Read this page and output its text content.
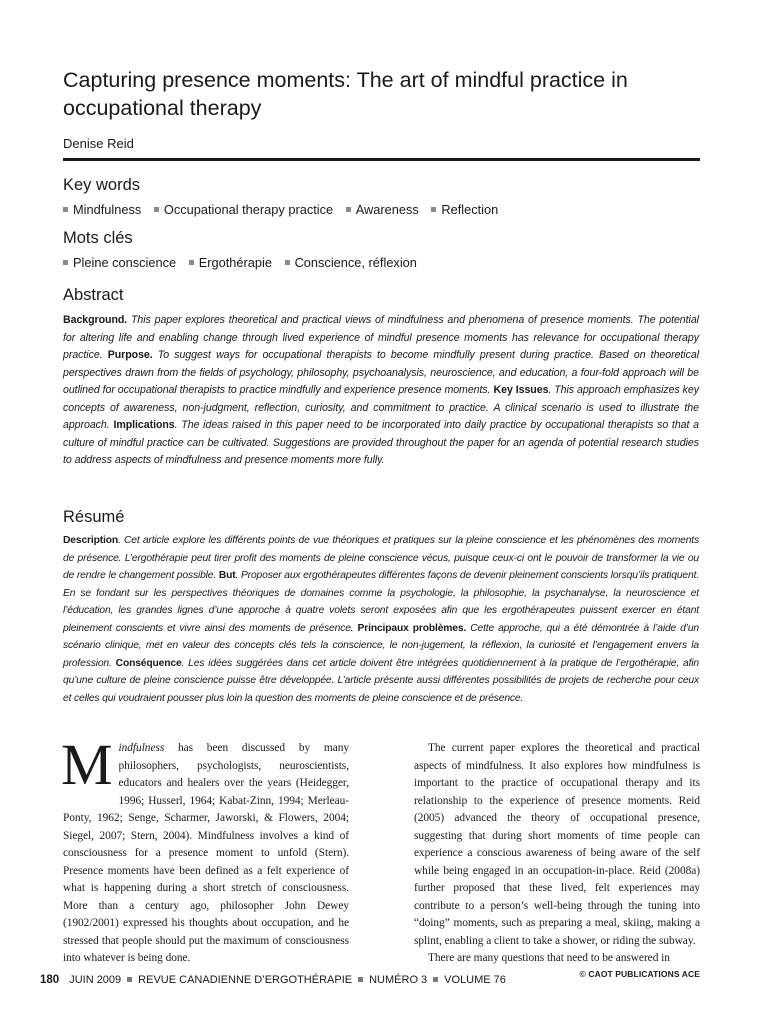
Capturing presence moments: The art of mindful practice in occupational therapy

Denise Reid

Key words
Mindfulness Occupational therapy practice Awareness Reflection
Mots clés
Pleine conscience Ergothérapie Conscience, réflexion
Abstract

Background. This paper explores theoretical and practical views of mindfulness and phenomena of presence moments. The potential for altering life and enabling change through lived experience of mindful presence moments has relevance for occupational therapy practice. Purpose. To suggest ways for occupational therapists to become mindfully present during practice. Based on theoretical perspectives drawn from the fields of psychology, philosophy, psychoanalysis, neuroscience, and education, a four-fold approach will be outlined for occupational therapists to practice mindfully and experience presence moments. Key Issues. This approach emphasizes key concepts of awareness, non-judgment, reflection, curiosity, and commitment to practice. A clinical scenario is used to illustrate the approach. Implications. The ideas raised in this paper need to be incorporated into daily practice by occupational therapists so that a culture of mindful practice can be cultivated. Suggestions are provided throughout the paper for an agenda of potential research studies to address aspects of mindfulness and presence moments more fully.

Résumé

Description. Cet article explore les différents points de vue théoriques et pratiques sur la pleine conscience et les phénomènes des moments de présence. L’ergothérapie peut tirer profit des moments de pleine conscience vécus, puisque ceux-ci ont le pouvoir de transformer la vie ou de rendre le changement possible. But. Proposer aux ergothérapeutes différentes façons de devenir pleinement conscients lorsqu’ils pratiquent. En se fondant sur les perspectives théoriques de domaines comme la psychologie, la philosophie, la psychanalyse, la neuroscience et l’éducation, les grandes lignes d’une approche à quatre volets seront exposées afin que les ergothérapeutes puissent exercer en étant pleinement conscients et vivre ainsi des moments de présence. Principaux problèmes. Cette approche, qui a été démontrée à l’aide d’un scénario clinique, met en valeur des concepts clés tels la conscience, le non-jugement, la réflexion, la curiosité et l’engagement envers la profession. Conséquence. Les idées suggérées dans cet article doivent être intégrées quotidiennement à la pratique de l’ergothérapie, afin qu’une culture de pleine conscience puisse être développée. L’article présente aussi différentes possibilités de projets de recherche pour ceux et celles qui voudraient pousser plus loin la question des moments de pleine conscience et de présence.

M indfulness has been discussed by many philosophers, psychologists, neuroscientists, educators and healers over the years (Heidegger, 1996; Husserl, 1964; Kabat-Zinn, 1994; Merleau-Ponty, 1962; Senge, Scharmer, Jaworski, & Flowers, 2004; Siegel, 2007; Stern, 2004). Mindfulness involves a kind of consciousness for a presence moment to unfold (Stern). Presence moments have been defined as a felt experience of what is happening during a short stretch of consciousness. More than a century ago, philosopher John Dewey (1902/2001) expressed his thoughts about occupation, and he stressed that people should put the maximum of consciousness into whatever is being done.

The current paper explores the theoretical and practical aspects of mindfulness. It also explores how mindfulness is important to the practice of occupational therapy and its relationship to the experience of presence moments. Reid (2005) advanced the theory of occupational presence, suggesting that during short moments of time people can experience a conscious awareness of being aware of the self while being engaged in an occupation-in-place. Reid (2008a) further proposed that these lived, felt experiences may contribute to a person’s well-being through the tuning into “doing” moments, such as preparing a meal, skiing, making a splint, enabling a client to take a shower, or riding the subway.

There are many questions that need to be answered in

180 JUIN 2009 REVUE CANADIENNE D’ERGOTHÉRAPIE NUMÉRO 3 VOLUME 76	© CAOT PUBLICATIONS ACE
